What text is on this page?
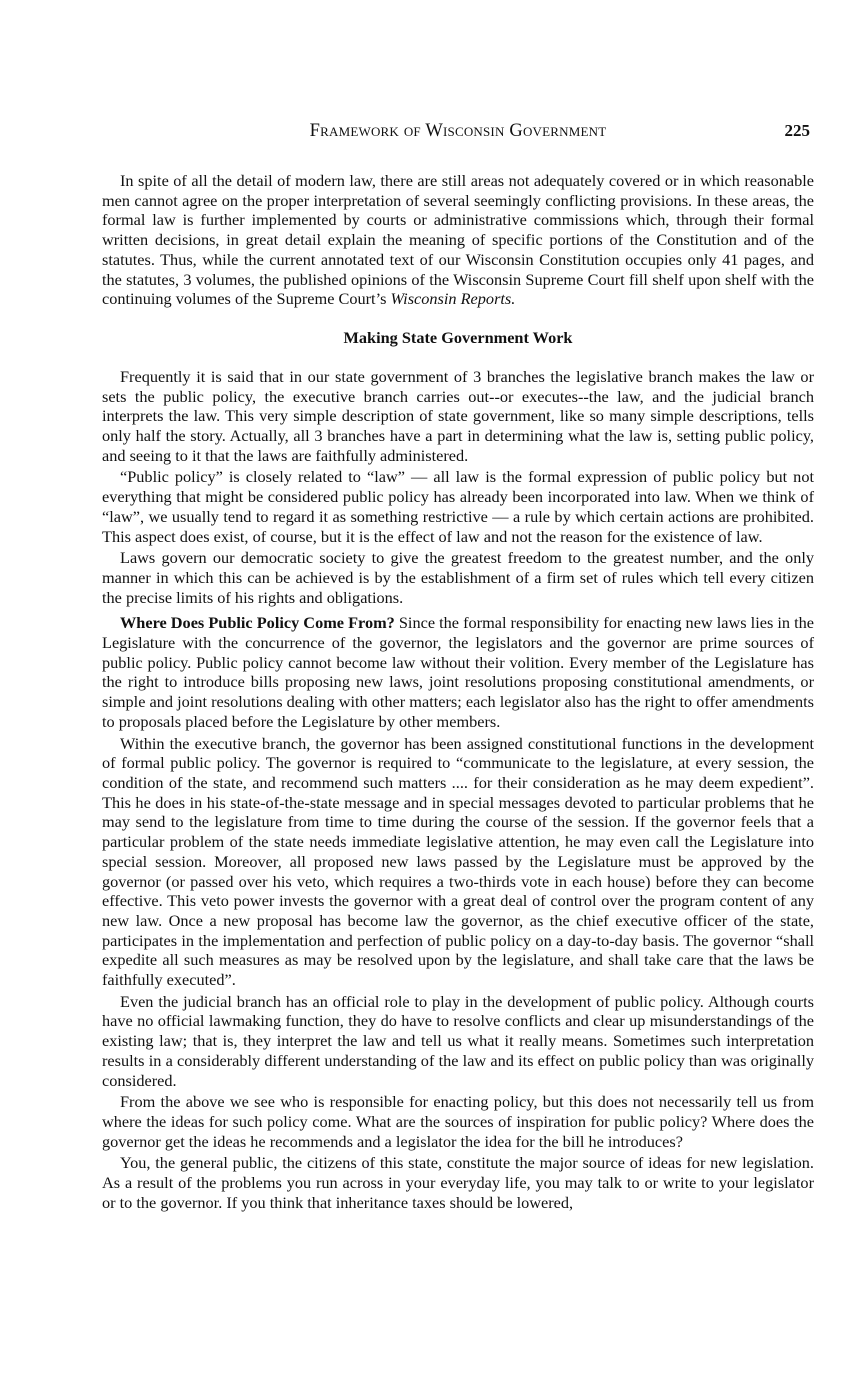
Framework of Wisconsin Government	225

In spite of all the detail of modern law, there are still areas not adequately covered or in which reasonable men cannot agree on the proper interpretation of several seemingly conflicting provisions. In these areas, the formal law is further implemented by courts or administrative commissions which, through their formal written decisions, in great detail explain the meaning of specific portions of the Constitution and of the statutes. Thus, while the current annotated text of our Wisconsin Constitution occupies only 41 pages, and the statutes, 3 volumes, the published opinions of the Wisconsin Supreme Court fill shelf upon shelf with the continuing volumes of the Supreme Court’s Wisconsin Reports.

Making State Government Work

Frequently it is said that in our state government of 3 branches the legislative branch makes the law or sets the public policy, the executive branch carries out--or executes--the law, and the judicial branch interprets the law. This very simple description of state government, like so many simple descriptions, tells only half the story. Actually, all 3 branches have a part in determining what the law is, setting public policy, and seeing to it that the laws are faithfully administered.

“Public policy” is closely related to “law” — all law is the formal expression of public policy but not everything that might be considered public policy has already been incorporated into law. When we think of “law”, we usually tend to regard it as something restrictive — a rule by which certain actions are prohibited. This aspect does exist, of course, but it is the effect of law and not the reason for the existence of law.

Laws govern our democratic society to give the greatest freedom to the greatest number, and the only manner in which this can be achieved is by the establishment of a firm set of rules which tell every citizen the precise limits of his rights and obligations.

Where Does Public Policy Come From? Since the formal responsibility for enacting new laws lies in the Legislature with the concurrence of the governor, the legislators and the governor are prime sources of public policy. Public policy cannot become law without their volition. Every member of the Legislature has the right to introduce bills proposing new laws, joint resolutions proposing constitutional amendments, or simple and joint resolutions dealing with other matters; each legislator also has the right to offer amendments to proposals placed before the Legislature by other members.

Within the executive branch, the governor has been assigned constitutional functions in the development of formal public policy. The governor is required to “communicate to the legislature, at every session, the condition of the state, and recommend such matters .... for their consideration as he may deem expedient”. This he does in his state-of-the-state message and in special messages devoted to particular problems that he may send to the legislature from time to time during the course of the session. If the governor feels that a particular problem of the state needs immediate legislative attention, he may even call the Legislature into special session. Moreover, all proposed new laws passed by the Legislature must be approved by the governor (or passed over his veto, which requires a two-thirds vote in each house) before they can become effective. This veto power invests the governor with a great deal of control over the program content of any new law. Once a new proposal has become law the governor, as the chief executive officer of the state, participates in the implementation and perfection of public policy on a day-to-day basis. The governor “shall expedite all such measures as may be resolved upon by the legislature, and shall take care that the laws be faithfully executed”.

Even the judicial branch has an official role to play in the development of public policy. Although courts have no official lawmaking function, they do have to resolve conflicts and clear up misunderstandings of the existing law; that is, they interpret the law and tell us what it really means. Sometimes such interpretation results in a considerably different understanding of the law and its effect on public policy than was originally considered.

From the above we see who is responsible for enacting policy, but this does not necessarily tell us from where the ideas for such policy come. What are the sources of inspiration for public policy? Where does the governor get the ideas he recommends and a legislator the idea for the bill he introduces?

You, the general public, the citizens of this state, constitute the major source of ideas for new legislation. As a result of the problems you run across in your everyday life, you may talk to or write to your legislator or to the governor. If you think that inheritance taxes should be lowered,
